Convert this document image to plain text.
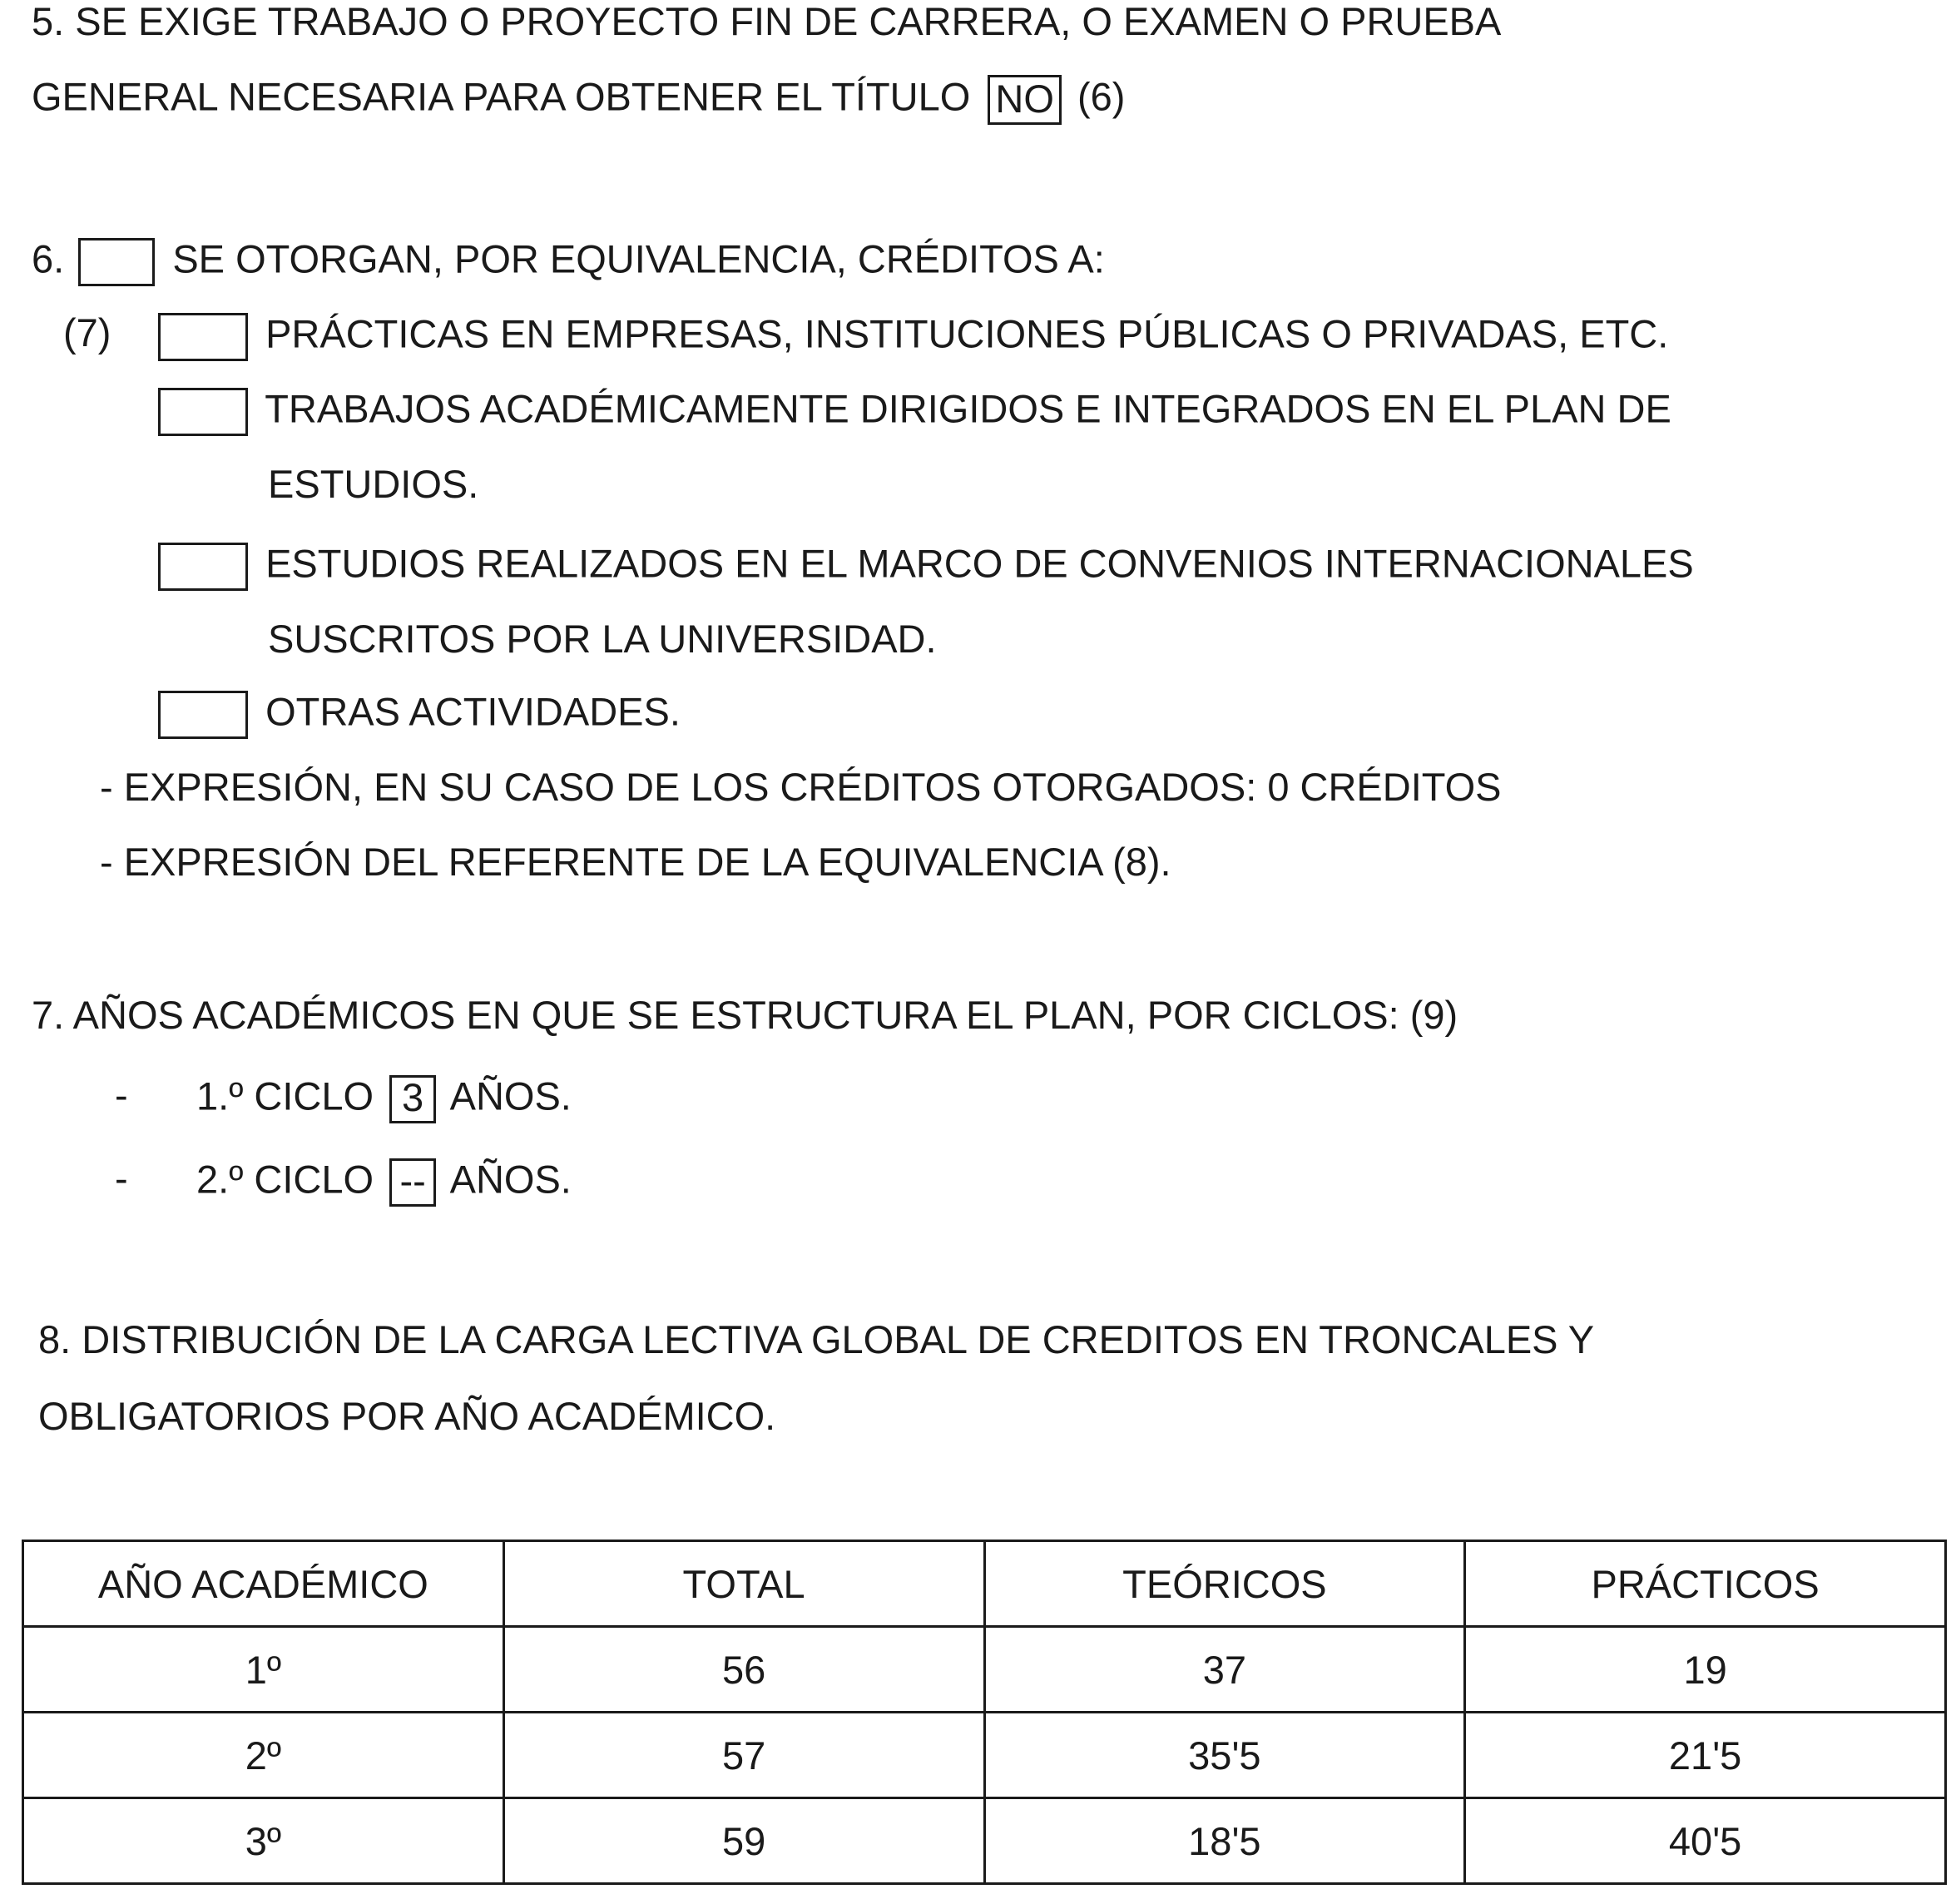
5. SE EXIGE TRABAJO O PROYECTO FIN DE CARRERA, O EXAMEN O PRUEBA
GENERAL NECESARIA PARA OBTENER EL TÍTULO NO (6)
6.	SE OTORGAN, POR EQUIVALENCIA, CRÉDITOS A:
(7)	PRÁCTICAS EN EMPRESAS, INSTITUCIONES PÚBLICAS O PRIVADAS, ETC.
TRABAJOS ACADÉMICAMENTE DIRIGIDOS E INTEGRADOS EN EL PLAN DE
ESTUDIOS.
ESTUDIOS REALIZADOS EN EL MARCO DE CONVENIOS INTERNACIONALES
SUSCRITOS POR LA UNIVERSIDAD.
OTRAS ACTIVIDADES.
- EXPRESIÓN, EN SU CASO DE LOS CRÉDITOS OTORGADOS: 0 CRÉDITOS
- EXPRESIÓN DEL REFERENTE DE LA EQUIVALENCIA (8).
7. AÑOS ACADÉMICOS EN QUE SE ESTRUCTURA EL PLAN, POR CICLOS: (9)
- 1.º CICLO 3 AÑOS.
- 2.º CICLO -- AÑOS.
8. DISTRIBUCIÓN DE LA CARGA LECTIVA GLOBAL DE CREDITOS EN TRONCALES Y
OBLIGATORIOS POR AÑO ACADÉMICO.
AÑO ACADÉMICO	TOTAL	TEÓRICOS	PRÁCTICOS
1º	56	37	19
2º	57	35'5	21'5
3º	59	18'5	40'5
